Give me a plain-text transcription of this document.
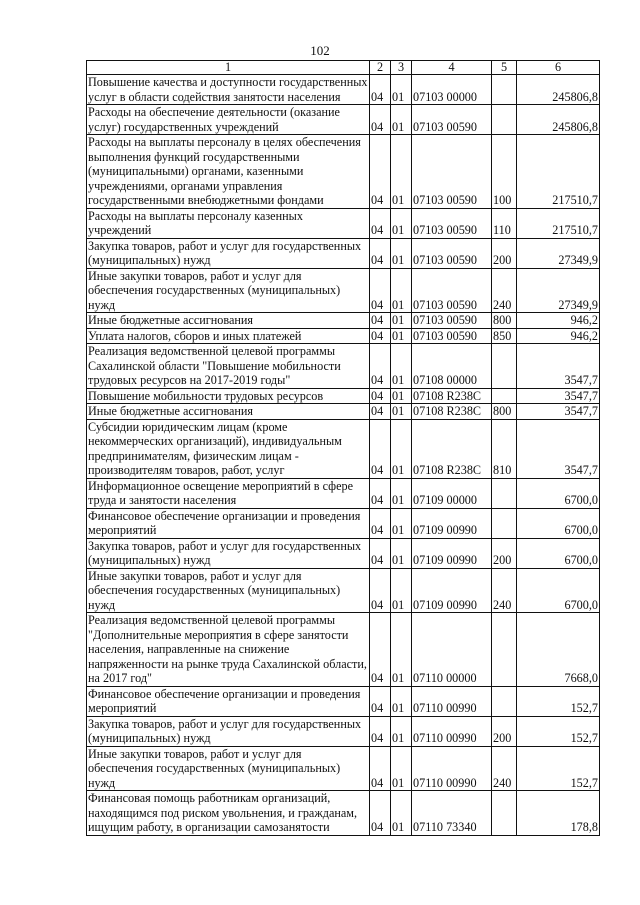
102
1	2	3	4	5	6
Повышение качества и доступности государственных услуг в области содействия занятости населения	04	01	07103 00000		245806,8
Расходы на обеспечение деятельности (оказание услуг) государственных учреждений	04	01	07103 00590		245806,8
Расходы на выплаты персоналу в целях обеспечения выполнения функций государственными (муниципальными) органами, казенными учреждениями, органами управления государственными внебюджетными фондами	04	01	07103 00590	100	217510,7
Расходы на выплаты персоналу казенных учреждений	04	01	07103 00590	110	217510,7
Закупка товаров, работ и услуг для государственных (муниципальных) нужд	04	01	07103 00590	200	27349,9
Иные закупки товаров, работ и услуг для обеспечения государственных (муниципальных) нужд	04	01	07103 00590	240	27349,9
Иные бюджетные ассигнования	04	01	07103 00590	800	946,2
Уплата налогов, сборов и иных платежей	04	01	07103 00590	850	946,2
Реализация ведомственной целевой программы Сахалинской области "Повышение мобильности трудовых ресурсов на 2017-2019 годы"	04	01	07108 00000		3547,7
Повышение мобильности трудовых ресурсов	04	01	07108 R238C		3547,7
Иные бюджетные ассигнования	04	01	07108 R238C	800	3547,7
Субсидии юридическим лицам (кроме некоммерческих организаций), индивидуальным предпринимателям, физическим лицам - производителям товаров, работ, услуг	04	01	07108 R238C	810	3547,7
Информационное освещение мероприятий в сфере труда и занятости населения	04	01	07109 00000		6700,0
Финансовое обеспечение организации и проведения мероприятий	04	01	07109 00990		6700,0
Закупка товаров, работ и услуг для государственных (муниципальных) нужд	04	01	07109 00990	200	6700,0
Иные закупки товаров, работ и услуг для обеспечения государственных (муниципальных) нужд	04	01	07109 00990	240	6700,0
Реализация ведомственной целевой программы "Дополнительные мероприятия в сфере занятости населения, направленные на снижение напряженности на рынке труда Сахалинской области, на 2017 год"	04	01	07110 00000		7668,0
Финансовое обеспечение организации и проведения мероприятий	04	01	07110 00990		152,7
Закупка товаров, работ и услуг для государственных (муниципальных) нужд	04	01	07110 00990	200	152,7
Иные закупки товаров, работ и услуг для обеспечения государственных (муниципальных) нужд	04	01	07110 00990	240	152,7
Финансовая помощь работникам организаций, находящимся под риском увольнения, и гражданам, ищущим работу, в организации самозанятости	04	01	07110 73340		178,8
